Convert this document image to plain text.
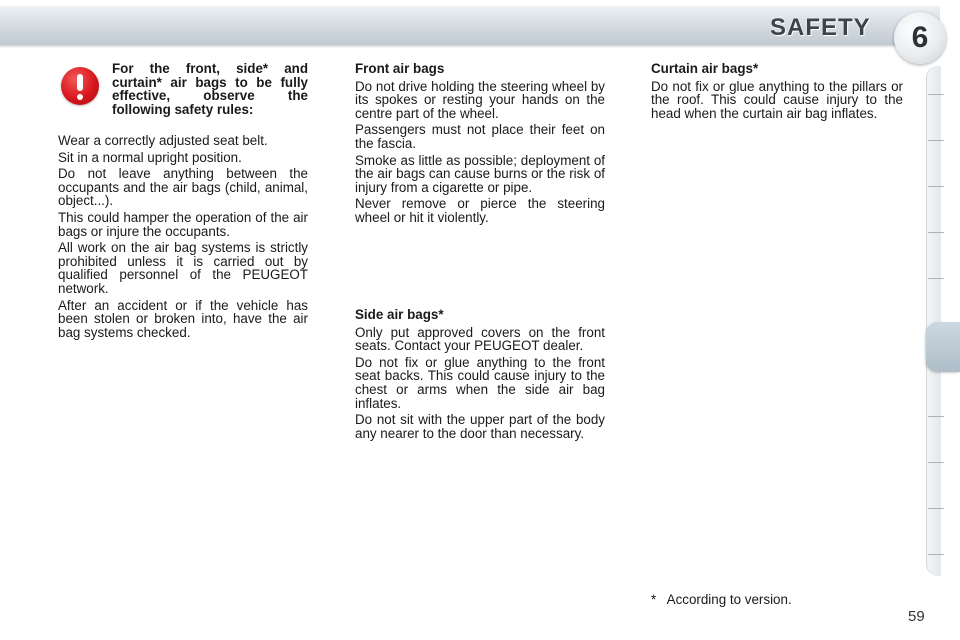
SAFETY 6
For the front, side* and curtain* air bags to be fully effective, observe the following safety rules:

Wear a correctly adjusted seat belt.

Sit in a normal upright position.

Do not leave anything between the occupants and the air bags (child, animal, object...).

This could hamper the operation of the air bags or injure the occupants.

All work on the air bag systems is strictly prohibited unless it is carried out by qualified personnel of the PEUGEOT network.

After an accident or if the vehicle has been stolen or broken into, have the air bag systems checked.

Front air bags

Do not drive holding the steering wheel by its spokes or resting your hands on the centre part of the wheel.

Passengers must not place their feet on the fascia.

Smoke as little as possible; deployment of the air bags can cause burns or the risk of injury from a cigarette or pipe.

Never remove or pierce the steering wheel or hit it violently.

Side air bags*

Only put approved covers on the front seats. Contact your PEUGEOT dealer.

Do not fix or glue anything to the front seat backs. This could cause injury to the chest or arms when the side air bag inflates.

Do not sit with the upper part of the body any nearer to the door than necessary.

Curtain air bags*

Do not fix or glue anything to the pillars or the roof. This could cause injury to the head when the curtain air bag inflates.

*   According to version.
59
